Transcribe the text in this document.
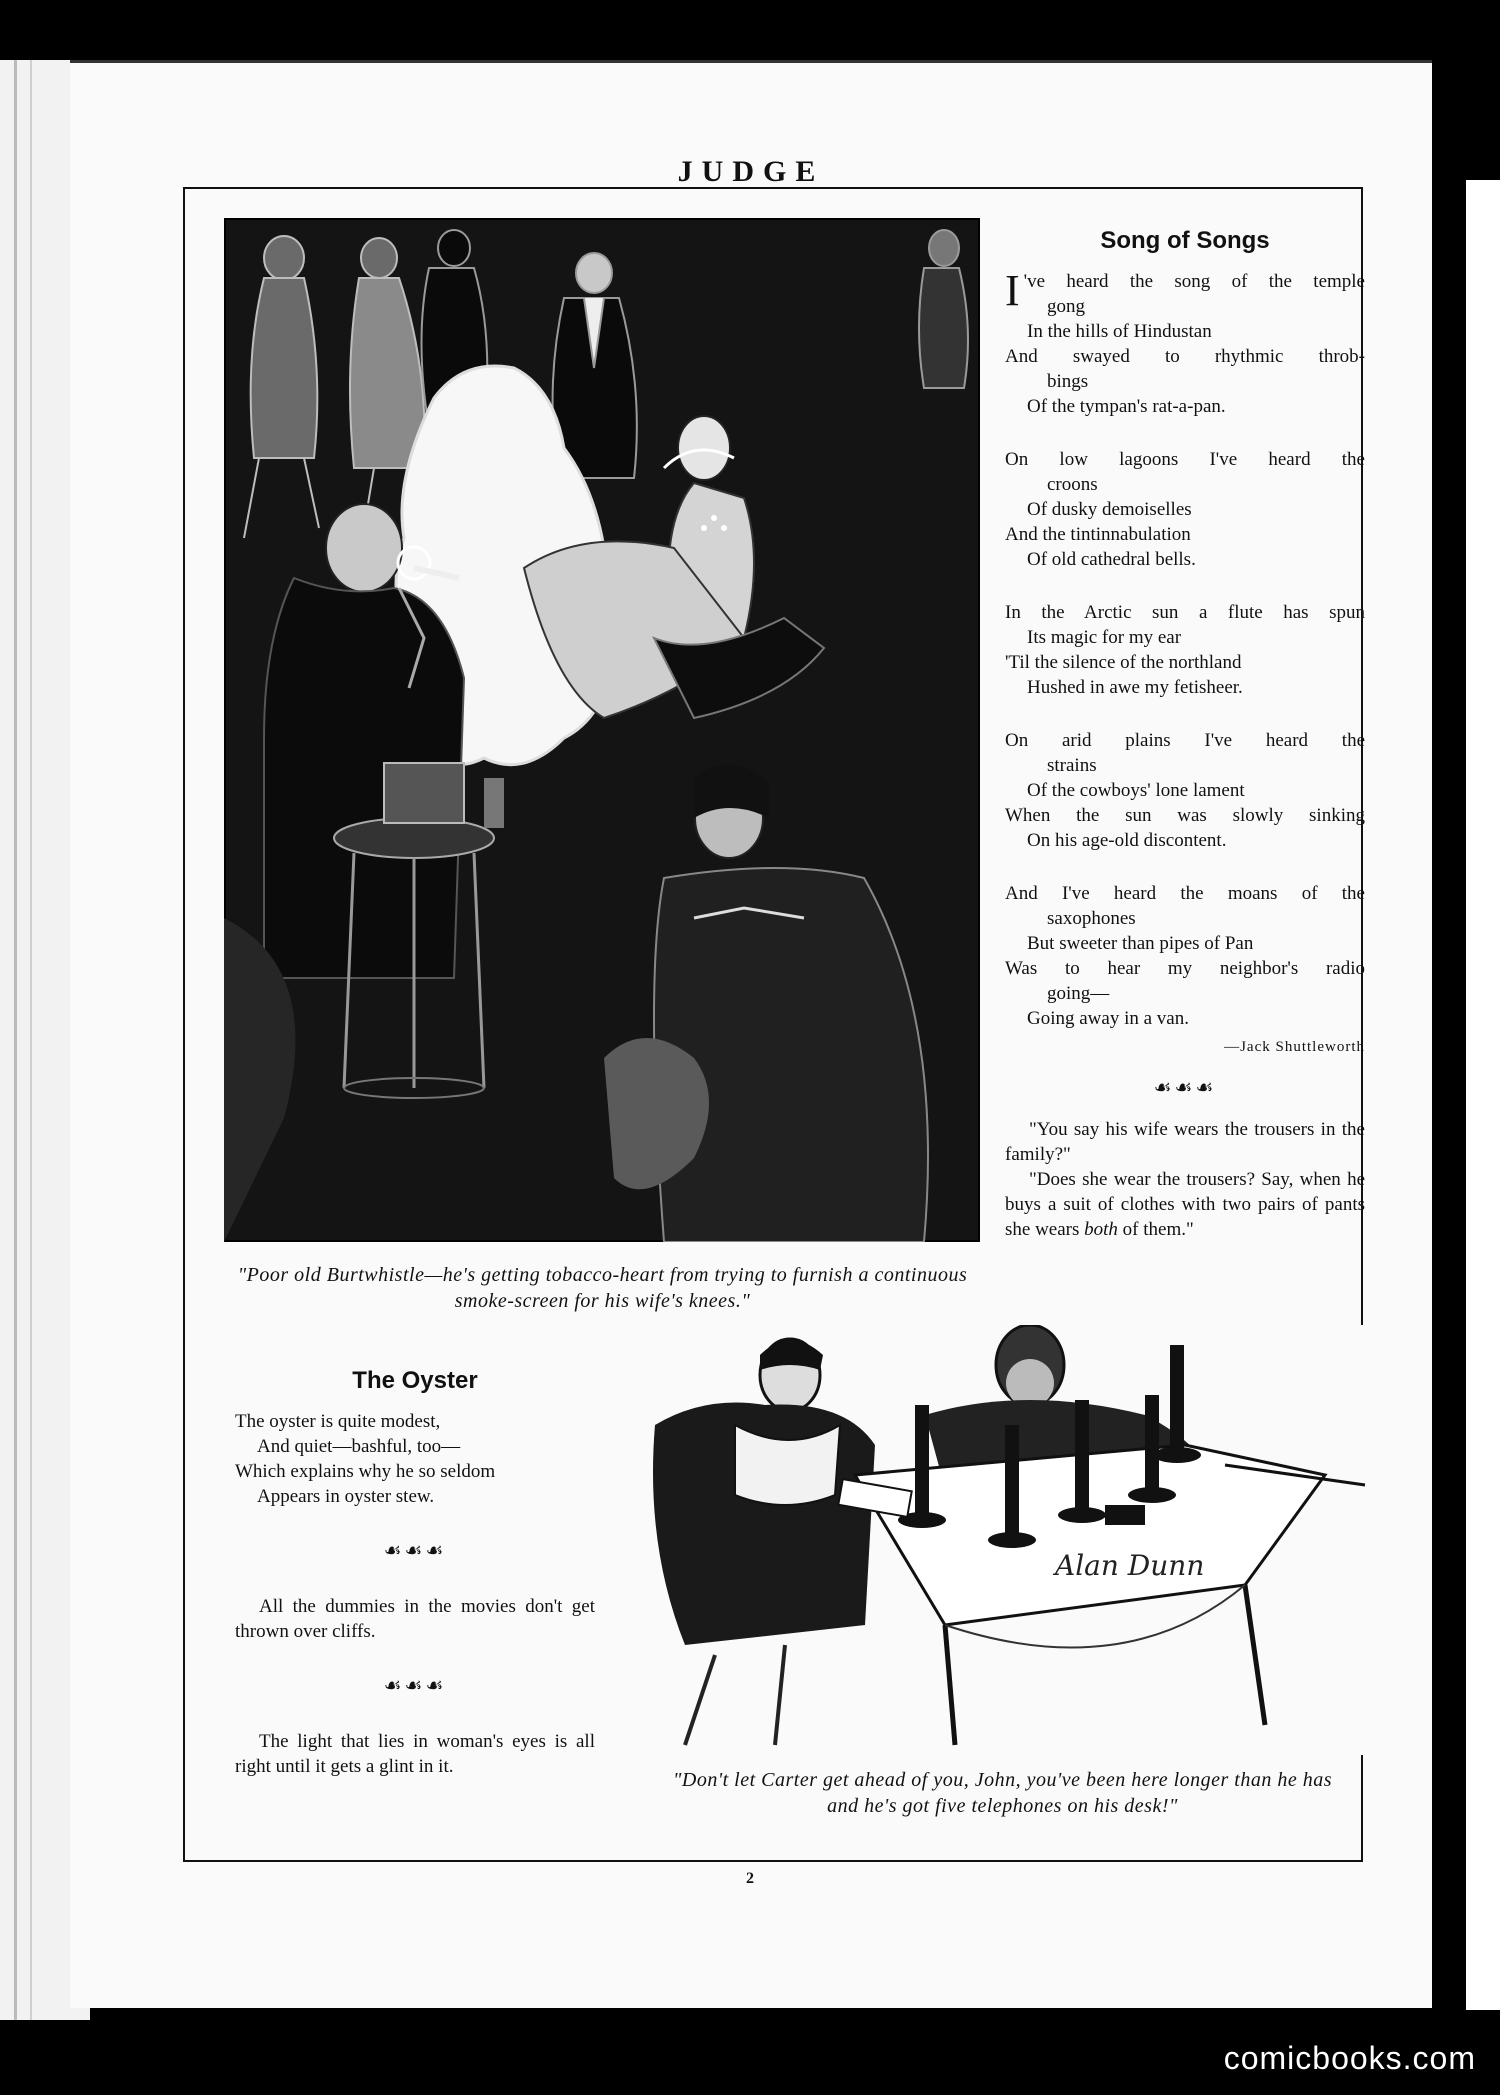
JUDGE
"Poor old Burtwhistle—he's getting tobacco-heart from trying to furnish a continuous smoke-screen for his wife's knees."
Song of Songs
I 've heard the song of the temple
gong
In the hills of Hindustan
And swayed to rhythmic throb-
bings
Of the tympan's rat-a-pan.
On low lagoons I've heard the
croons
Of dusky demoiselles
And the tintinnabulation
Of old cathedral bells.
In the Arctic sun a flute has spun
Its magic for my ear
'Til the silence of the northland
Hushed in awe my fetisheer.
On arid plains I've heard the
strains
Of the cowboys' lone lament
When the sun was slowly sinking
On his age-old discontent.
And I've heard the moans of the
saxophones
But sweeter than pipes of Pan
Was to hear my neighbor's radio
going—
Going away in a van.
—Jack Shuttleworth
☙☙☙

"You say his wife wears the trousers in the family?"

"Does she wear the trousers? Say, when he buys a suit of clothes with two pairs of pants she wears both of them."

The Oyster
The oyster is quite modest,
And quiet—bashful, too—
Which explains why he so seldom
Appears in oyster stew.
☙☙☙

All the dummies in the movies don't get thrown over cliffs.

☙☙☙

The light that lies in woman's eyes is all right until it gets a glint in it.

Alan Dunn
"Don't let Carter get ahead of you, John, you've been here longer than he has and he's got five telephones on his desk!"
2
comicbooks.com
